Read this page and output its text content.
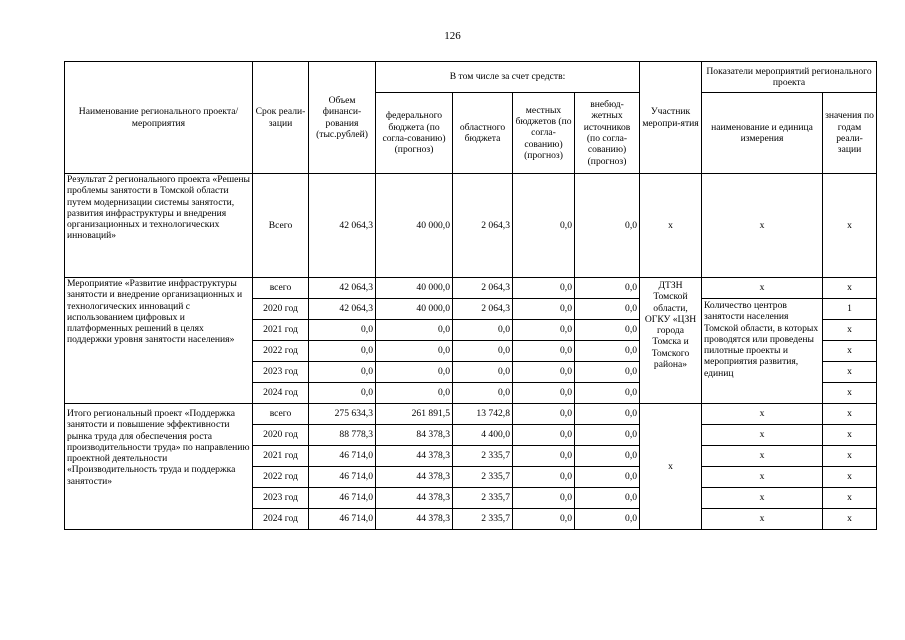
126
Наименование регионального проекта/ мероприятия	Срок реали-зации	Объем финанси-рования (тыс.рублей)	В том числе за счет средств:				Участник меропри-ятия	Показатели мероприятий регионального проекта	
			федерального бюджета (по согла-сованию) (прогноз)	областного бюджета	местных бюджетов (по согла-сованию) (прогноз)	внебюд-жетных источников (по согла-сованию) (прогноз)		наименование и единица измерения	значения по годам реали-зации
Результат 2 регионального проекта «Решены проблемы занятости в Томской области путем модернизации системы занятости, развития инфраструктуры и внедрения организационных и технологических инноваций»	Всего	42 064,3	40 000,0	2 064,3	0,0	0,0	х	х	х
Мероприятие «Развитие инфраструктуры занятости и внедрение организационных и технологических инноваций с использованием цифровых и платформенных решений в целях поддержки уровня занятости населения»	всего	42 064,3	40 000,0	2 064,3	0,0	0,0	ДТЗН Томской области, ОГКУ «ЦЗН города Томска и Томского района»	х	х
	2020 год	42 064,3	40 000,0	2 064,3	0,0	0,0		Количество центров занятости населения Томской области, в которых проводятся или проведены пилотные проекты и мероприятия развития, единиц	1
	2021 год	0,0	0,0	0,0	0,0	0,0			х
	2022 год	0,0	0,0	0,0	0,0	0,0			х
	2023 год	0,0	0,0	0,0	0,0	0,0			х
	2024 год	0,0	0,0	0,0	0,0	0,0			х
Итого региональный проект «Поддержка занятости и повышение эффективности рынка труда для обеспечения роста производительности труда» по направлению проектной деятельности «Производительность труда и поддержка занятости»	всего	275 634,3	261 891,5	13 742,8	0,0	0,0	х	х	х
	2020 год	88 778,3	84 378,3	4 400,0	0,0	0,0		х	х
	2021 год	46 714,0	44 378,3	2 335,7	0,0	0,0		х	х
	2022 год	46 714,0	44 378,3	2 335,7	0,0	0,0		х	х
	2023 год	46 714,0	44 378,3	2 335,7	0,0	0,0		х	х
	2024 год	46 714,0	44 378,3	2 335,7	0,0	0,0		х	х
